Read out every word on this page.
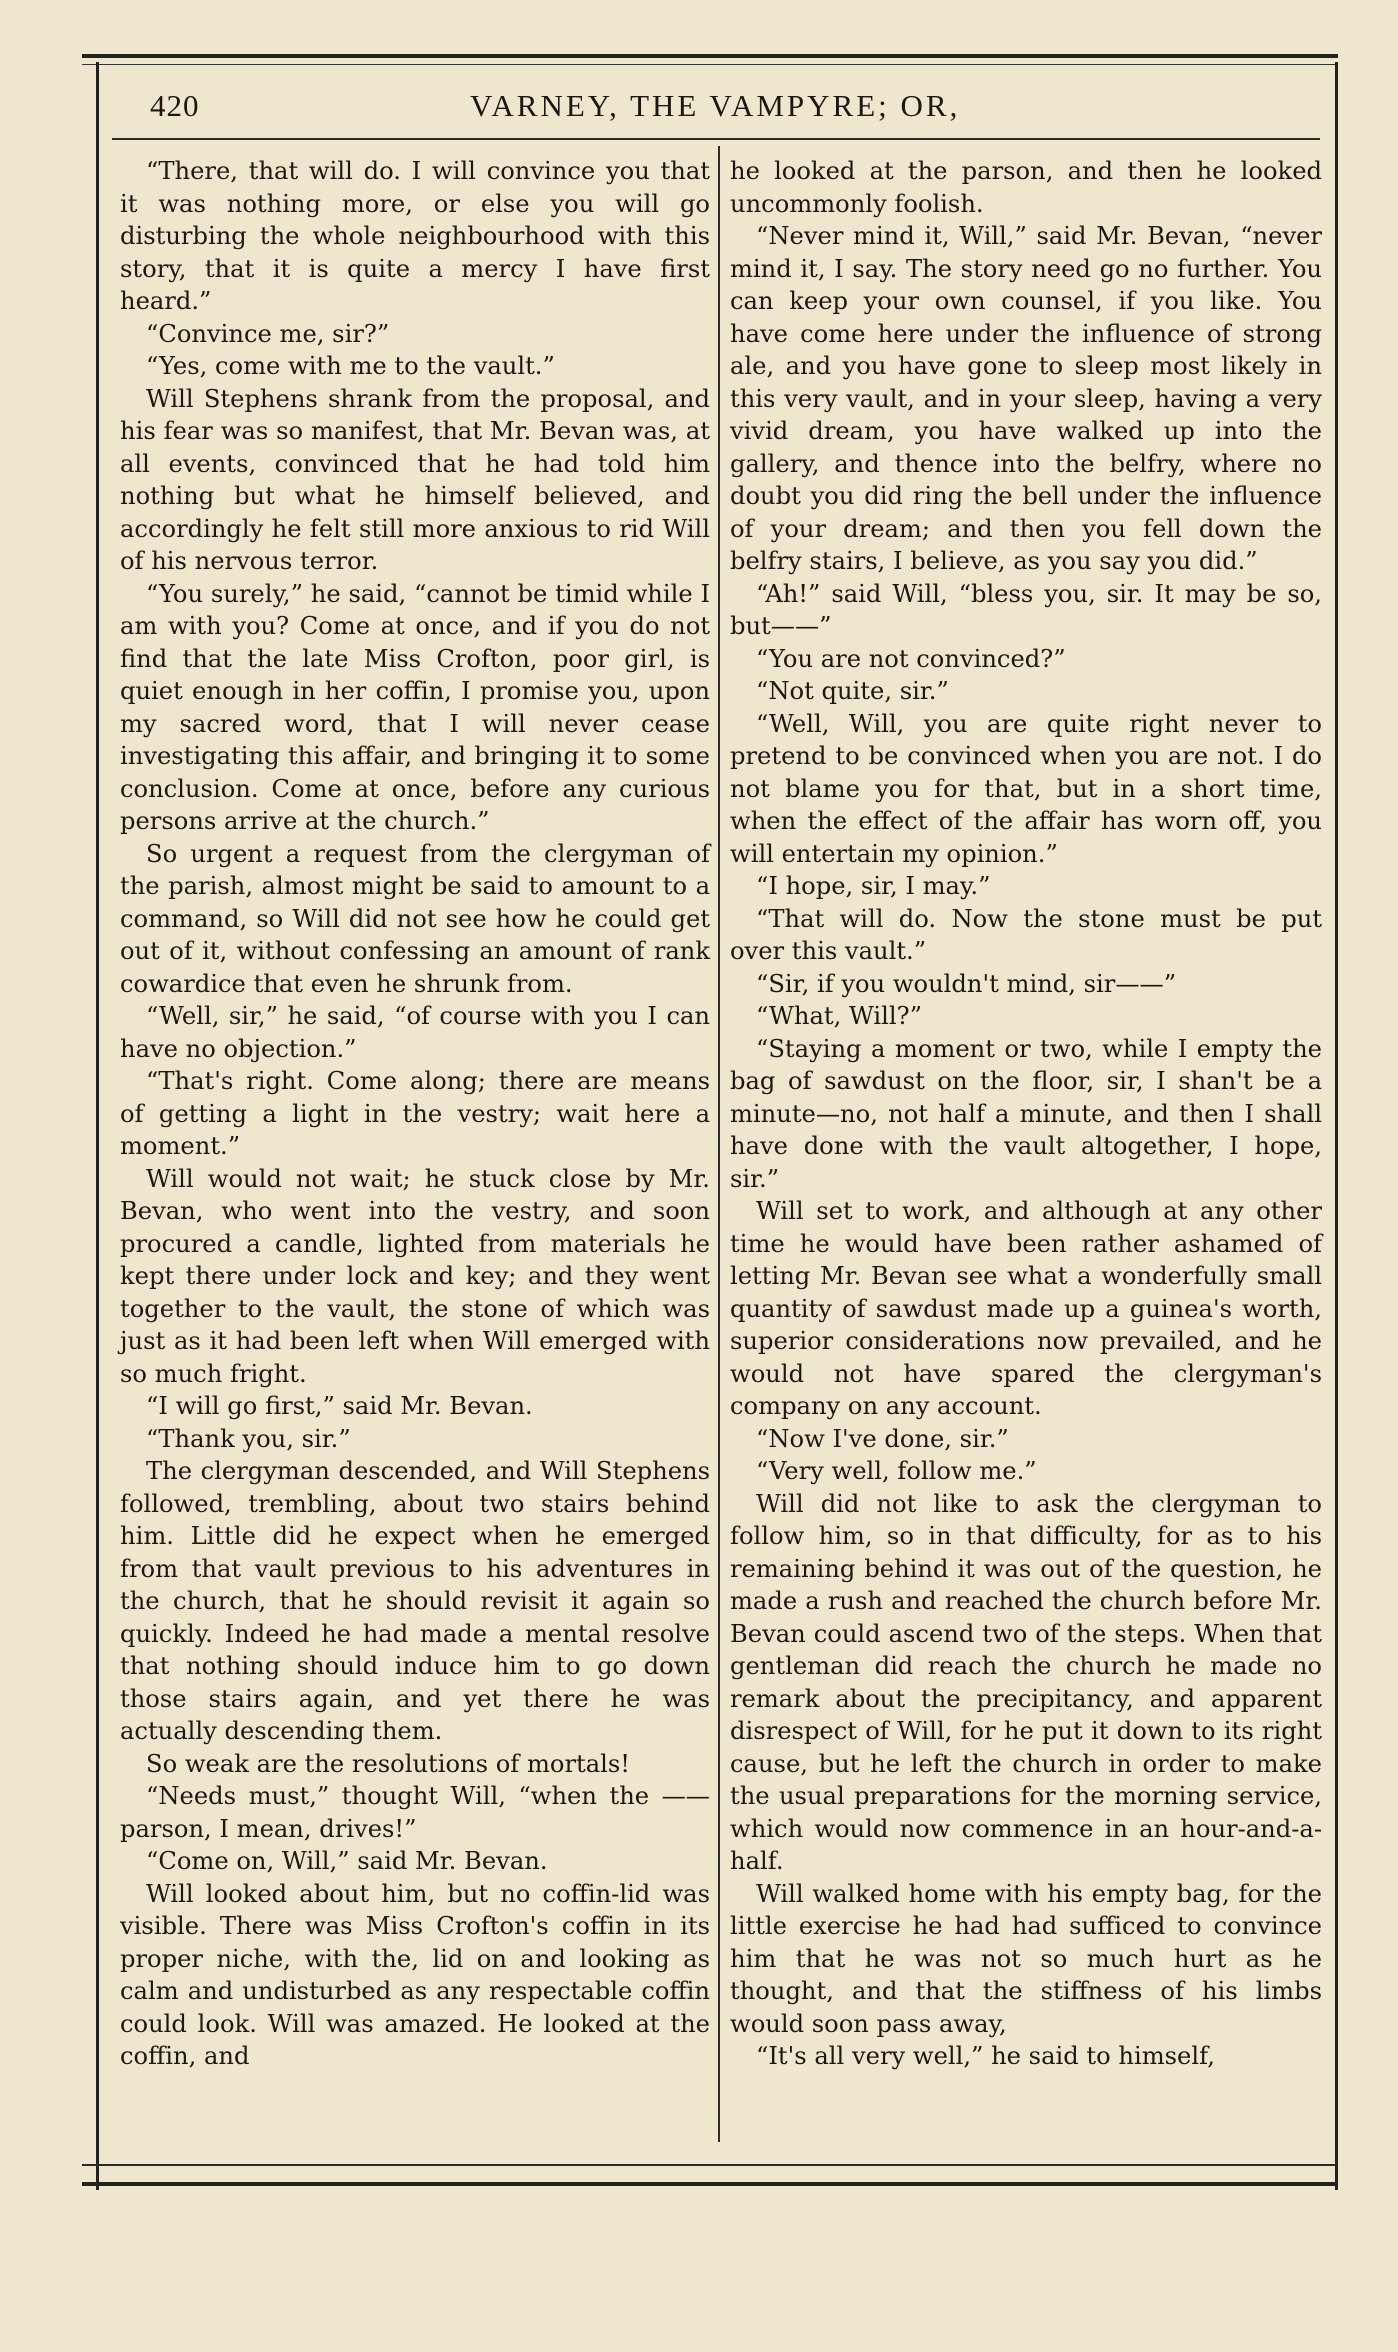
420	VARNEY, THE VAMPYRE; OR,

“There, that will do. I will convince you that it was nothing more, or else you will go disturbing the whole neighbourhood with this story, that it is quite a mercy I have first heard.”

“Convince me, sir?”

“Yes, come with me to the vault.”

Will Stephens shrank from the proposal, and his fear was so manifest, that Mr. Bevan was, at all events, convinced that he had told him nothing but what he himself believed, and accordingly he felt still more anxious to rid Will of his nervous terror.

“You surely,” he said, “cannot be timid while I am with you? Come at once, and if you do not find that the late Miss Crofton, poor girl, is quiet enough in her coffin, I promise you, upon my sacred word, that I will never cease investigating this affair, and bringing it to some conclusion. Come at once, before any curious persons arrive at the church.”

So urgent a request from the clergyman of the parish, almost might be said to amount to a command, so Will did not see how he could get out of it, without confessing an amount of rank cowardice that even he shrunk from.

“Well, sir,” he said, “of course with you I can have no objection.”

“That's right. Come along; there are means of getting a light in the vestry; wait here a moment.”

Will would not wait; he stuck close by Mr. Bevan, who went into the vestry, and soon procured a candle, lighted from materials he kept there under lock and key; and they went together to the vault, the stone of which was just as it had been left when Will emerged with so much fright.

“I will go first,” said Mr. Bevan.

“Thank you, sir.”

The clergyman descended, and Will Stephens followed, trembling, about two stairs behind him. Little did he expect when he emerged from that vault previous to his adventures in the church, that he should revisit it again so quickly. Indeed he had made a mental resolve that nothing should induce him to go down those stairs again, and yet there he was actually descending them.

So weak are the resolutions of mortals!

“Needs must,” thought Will, “when the —— parson, I mean, drives!”

“Come on, Will,” said Mr. Bevan.

Will looked about him, but no coffin-lid was visible. There was Miss Crofton's coffin in its proper niche, with the, lid on and looking as calm and undisturbed as any respectable coffin could look. Will was amazed. He looked at the coffin, and

he looked at the parson, and then he looked uncommonly foolish.

“Never mind it, Will,” said Mr. Bevan, “never mind it, I say. The story need go no further. You can keep your own counsel, if you like. You have come here under the influence of strong ale, and you have gone to sleep most likely in this very vault, and in your sleep, having a very vivid dream, you have walked up into the gallery, and thence into the belfry, where no doubt you did ring the bell under the influence of your dream; and then you fell down the belfry stairs, I believe, as you say you did.”

“Ah!” said Will, “bless you, sir. It may be so, but——”

“You are not convinced?”

“Not quite, sir.”

“Well, Will, you are quite right never to pretend to be convinced when you are not. I do not blame you for that, but in a short time, when the effect of the affair has worn off, you will entertain my opinion.”

“I hope, sir, I may.”

“That will do. Now the stone must be put over this vault.”

“Sir, if you wouldn't mind, sir——”

“What, Will?”

“Staying a moment or two, while I empty the bag of sawdust on the floor, sir, I shan't be a minute—no, not half a minute, and then I shall have done with the vault altogether, I hope, sir.”

Will set to work, and although at any other time he would have been rather ashamed of letting Mr. Bevan see what a wonderfully small quantity of sawdust made up a guinea's worth, superior considerations now prevailed, and he would not have spared the clergyman's company on any account.

“Now I've done, sir.”

“Very well, follow me.”

Will did not like to ask the clergyman to follow him, so in that difficulty, for as to his remaining behind it was out of the question, he made a rush and reached the church before Mr. Bevan could ascend two of the steps. When that gentleman did reach the church he made no remark about the precipitancy, and apparent disrespect of Will, for he put it down to its right cause, but he left the church in order to make the usual preparations for the morning service, which would now commence in an hour-and-a-half.

Will walked home with his empty bag, for the little exercise he had had sufficed to convince him that he was not so much hurt as he thought, and that the stiffness of his limbs would soon pass away,

“It's all very well,” he said to himself,
